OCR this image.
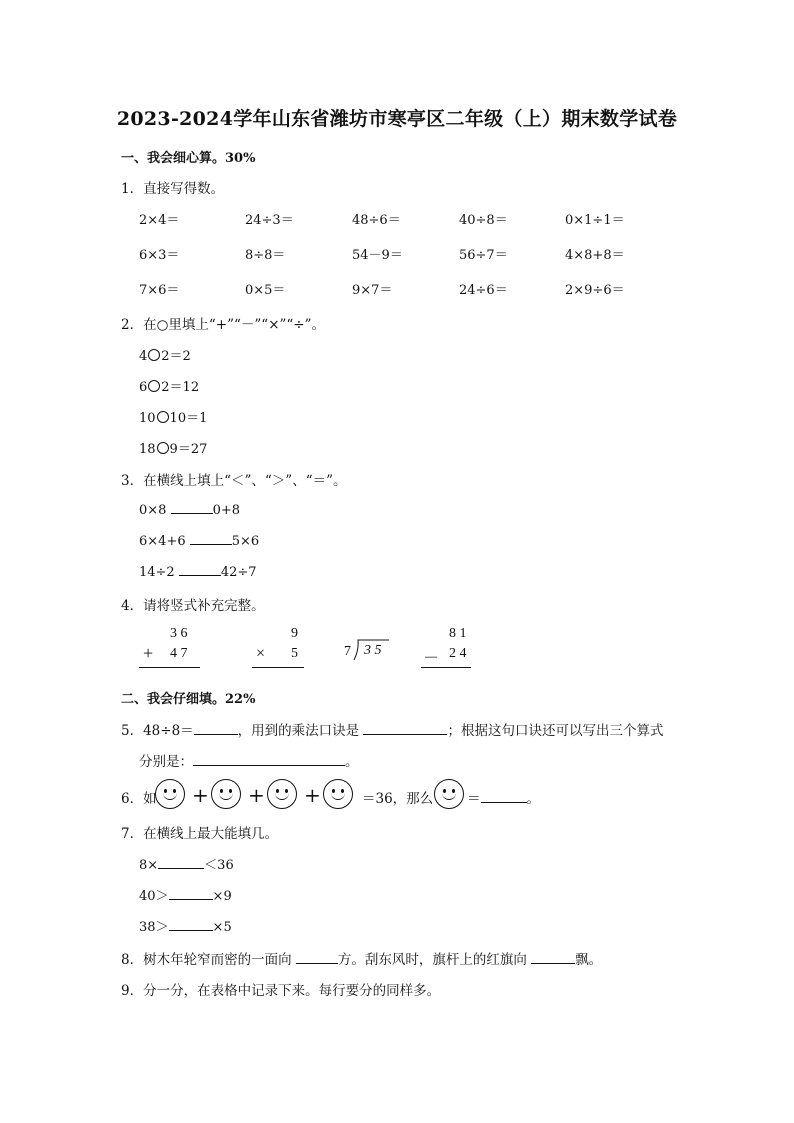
2023-2024学年山东省潍坊市寒亭区二年级（上）期末数学试卷
一、我会细心算。30%
1．直接写得数。
2×4＝	24÷3＝	48÷6＝	40÷8＝	0×1÷1＝
6×3＝	8÷8＝	54－9＝	56÷7＝	4×8+8＝
7×6＝	0×5＝	9×7＝	24÷6＝	2×9÷6＝
2．在○里填上“+”“－”“×”“÷”。
4 2＝2
6 2＝12
10 10＝1
18 9＝27
3．在横线上填上“＜”、“＞”、“＝”。
0×8	0+8
6×4+6	5×6
14÷2	42÷7
4．请将竖式补充完整。
3 6
+ 4 7
9
× 5	7 3 5
8 1
－ 2 4
二、我会仔细填。22%
5．48÷8＝	，用到的乘法口诀是	；根据这句口诀还可以写出三个算式
分别是：	。
6．如 + + +	＝36，那么	＝	。
7．在横线上最大能填几。
8×	＜36
40＞	×9
38＞	×5
8．树木年轮窄而密的一面向	方。刮东风时，旗杆上的红旗向	飘。
9．分一分，在表格中记录下来。每行要分的同样多。
